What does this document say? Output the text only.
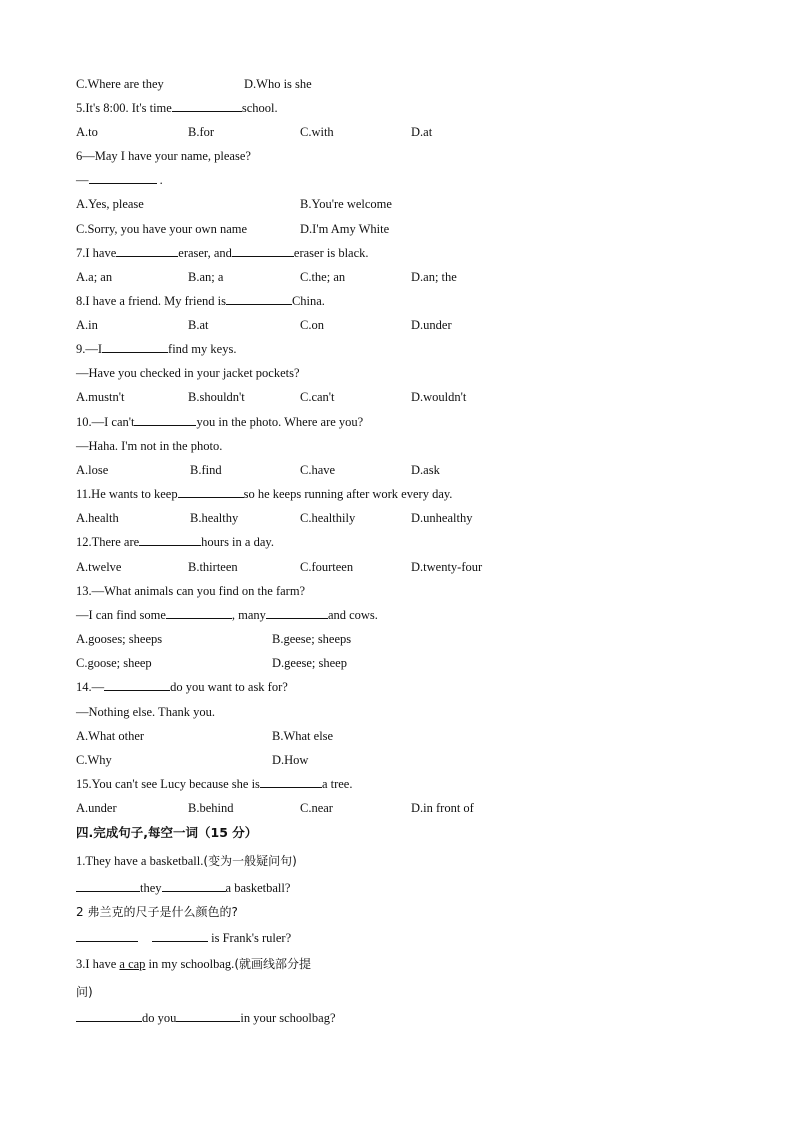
C.Where are they	D.Who is she
5.It's 8:00. It's time	school.
A.to	B.for	C.with	D.at
6—May I have your name, please?
—	.
A.Yes, please	B.You're welcome
C.Sorry, you have your own name	D.I'm Amy White
7.I have	eraser, and	eraser is black.
A.a; an	B.an; a	C.the; an	D.an; the
8.I have a friend. My friend is	China.
A.in	B.at	C.on	D.under
9.—I	find my keys.
—Have you checked in your jacket pockets?
A.mustn't	B.shouldn't	C.can't	D.wouldn't
10.—I can't	you in the photo. Where are you?
—Haha. I'm not in the photo.
A.lose	B.find	C.have	D.ask
11.He wants to keep	so he keeps running after work every day.
A.health	B.healthy	C.healthily	D.unhealthy
12.There are	hours in a day.
A.twelve	B.thirteen	C.fourteen	D.twenty-four
13.—What animals can you find on the farm?
—I can find some	, many	and cows.
A.gooses; sheeps	B.geese; sheeps
C.goose; sheep	D.geese; sheep
14.—	do you want to ask for?
—Nothing else. Thank you.
A.What other	B.What else
C.Why	D.How
15.You can't see Lucy because she is	a tree.
A.under	B.behind	C.near	D.in front of
四.完成句子,每空一词（15 分）
1.They have a basketball.(变为一般疑问句)
they	a basketball?
2 弗兰克的尺子是什么颜色的?
is Frank's ruler?
3.I have a cap in my schoolbag.(就画线部分提
问)
do you	in your schoolbag?
